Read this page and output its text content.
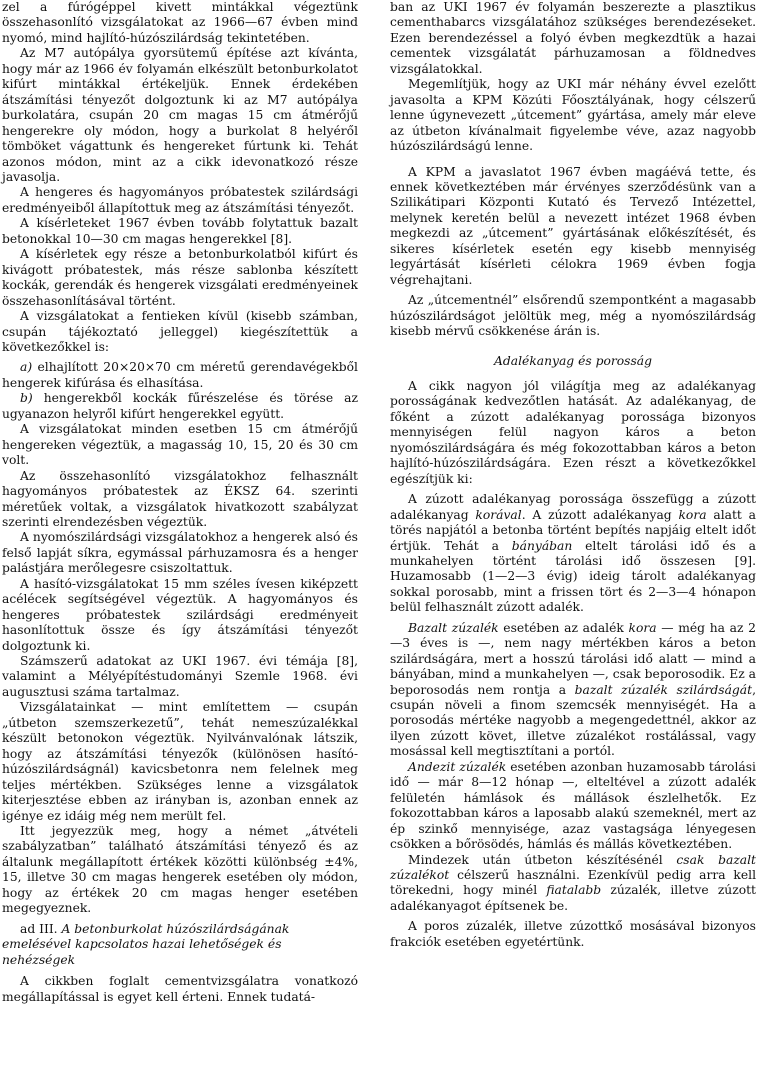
zel a fúrógéppel kivett mintákkal végeztünk összehasonlító vizsgálatokat az 1966—67 évben mind nyomó, mind hajlító-húzószilárdság tekintetében.

Az M7 autópálya gyorsütemű építése azt kívánta, hogy már az 1966 év folyamán elkészült betonburkolatot kifúrt mintákkal értékeljük. Ennek érdekében átszámítási tényezőt dolgoztunk ki az M7 autópálya burkolatára, csupán 20 cm magas 15 cm átmérőjű hengerekre oly módon, hogy a burkolat 8 helyéről tömböket vágattunk és hengereket fúrtunk ki. Tehát azonos módon, mint az a cikk idevonatkozó része javasolja.

A hengeres és hagyományos próbatestek szilárdsági eredményeiből állapítottuk meg az átszámítási tényezőt.

A kísérleteket 1967 évben tovább folytattuk bazalt betonokkal 10—30 cm magas hengerekkel [8].

A kísérletek egy része a betonburkolatból kifúrt és kivágott próbatestek, más része sablonba készített kockák, gerendák és hengerek vizsgálati eredményeinek összehasonlításával történt.

A vizsgálatokat a fentieken kívül (kisebb számban, csupán tájékoztató jelleggel) kiegészítettük a következőkkel is:

a) elhajlított 20×20×70 cm méretű gerendavégekből hengerek kifúrása és elhasítása.

b) hengerekből kockák fűrészelése és törése az ugyanazon helyről kifúrt hengerekkel együtt.

A vizsgálatokat minden esetben 15 cm átmérőjű hengereken végeztük, a magasság 10, 15, 20 és 30 cm volt.

Az összehasonlító vizsgálatokhoz felhasznált hagyományos próbatestek az ÉKSZ 64. szerinti méretűek voltak, a vizsgálatok hivatkozott szabályzat szerinti elrendezésben végeztük.

A nyomószilárdsági vizsgálatokhoz a hengerek alsó és felső lapját síkra, egymással párhuzamosra és a henger palástjára merőlegesre csiszoltattuk.

A hasító-vizsgálatokat 15 mm széles ívesen kiképzett acélécek segítségével végeztük. A hagyományos és hengeres próbatestek szilárdsági eredményeit hasonlítottuk össze és így átszámítási tényezőt dolgoztunk ki.

Számszerű adatokat az UKI 1967. évi témája [8], valamint a Mélyépítéstudományi Szemle 1968. évi augusztusi száma tartalmaz.

Vizsgálatainkat — mint említettem — csupán „útbeton szemszerkezetű”, tehát nemeszúzalékkal készült betonokon végeztük. Nyilvánvalónak látszik, hogy az átszámítási tényezők (különösen hasító-húzószilárdságnál) kavicsbetonra nem felelnek meg teljes mértékben. Szükséges lenne a vizsgálatok kiterjesztése ebben az irányban is, azonban ennek az igénye ez idáig még nem merült fel.

Itt jegyezzük meg, hogy a német „átvételi szabályzatban” található átszámítási tényező és az általunk megállapított értékek közötti különbség ±4%, 15, illetve 30 cm magas hengerek esetében oly módon, hogy az értékek 20 cm magas henger esetében megegyeznek.

ad III. A betonburkolat húzószilárdságának emelésével kapcsolatos hazai lehetőségek és nehézségek

A cikkben foglalt cementvizsgálatra vonatkozó megállapítással is egyet kell érteni. Ennek tudatá-

ban az UKI 1967 év folyamán beszerezte a plasztikus cementhabarcs vizsgálatához szükséges berendezéseket. Ezen berendezéssel a folyó évben megkezdtük a hazai cementek vizsgálatát párhuzamosan a földnedves vizsgálatokkal.

Megemlítjük, hogy az UKI már néhány évvel ezelőtt javasolta a KPM Közúti Főosztályának, hogy célszerű lenne úgynevezett „útcement” gyártása, amely már eleve az útbeton kívánalmait figyelembe véve, azaz nagyobb húzószilárdságú lenne.

A KPM a javaslatot 1967 évben magáévá tette, és ennek következtében már érvényes szerződésünk van a Szilikátipari Központi Kutató és Tervező Intézettel, melynek keretén belül a nevezett intézet 1968 évben megkezdi az „útcement” gyártásának előkészítését, és sikeres kísérletek esetén egy kisebb mennyiség legyártását kísérleti célokra 1969 évben fogja végrehajtani.

Az „útcementnél” elsőrendű szempontként a magasabb húzószilárdságot jelöltük meg, még a nyomószilárdság kisebb mérvű csökkenése árán is.

Adalékanyag és porosság

A cikk nagyon jól világítja meg az adalékanyag porosságának kedvezőtlen hatását. Az adalékanyag, de főként a zúzott adalékanyag porossága bizonyos mennyiségen felül nagyon káros a beton nyomószilárdságára és még fokozottabban káros a beton hajlító-húzószilárdságára. Ezen részt a következőkkel egészítjük ki:

A zúzott adalékanyag porossága összefügg a zúzott adalékanyag korával. A zúzott adalékanyag kora alatt a törés napjától a betonba történt bepítés napjáig eltelt időt értjük. Tehát a bányában eltelt tárolási idő és a munkahelyen történt tárolási idő összesen [9]. Huzamosabb (1—2—3 évig) ideig tárolt adalékanyag sokkal porosabb, mint a frissen tört és 2—3—4 hónapon belül felhasznált zúzott adalék.

Bazalt zúzalék esetében az adalék kora — még ha az 2—3 éves is —, nem nagy mértékben káros a beton szilárdságára, mert a hosszú tárolási idő alatt — mind a bányában, mind a munkahelyen —, csak beporosodik. Ez a beporosodás nem rontja a bazalt zúzalék szilárdságát, csupán növeli a finom szemcsék mennyiségét. Ha a porosodás mértéke nagyobb a megengedettnél, akkor az ilyen zúzott követ, illetve zúzalékot rostálással, vagy mosással kell megtisztítani a portól.

Andezit zúzalék esetében azonban huzamosabb tárolási idő — már 8—12 hónap —, elteltével a zúzott adalék felületén hámlások és mállások észlelhetők. Ez fokozottabban káros a laposabb alakú szemeknél, mert az ép szinkő mennyisége, azaz vastagsága lényegesen csökken a bőrösödés, hámlás és mállás következtében.

Mindezek után útbeton készítésénél csak bazalt zúzalékot célszerű használni. Ezenkívül pedig arra kell törekedni, hogy minél fiatalabb zúzalék, illetve zúzott adalékanyagot építsenek be.

A poros zúzalék, illetve zúzottkő mosásával bizonyos frakciók esetében egyetértünk.
